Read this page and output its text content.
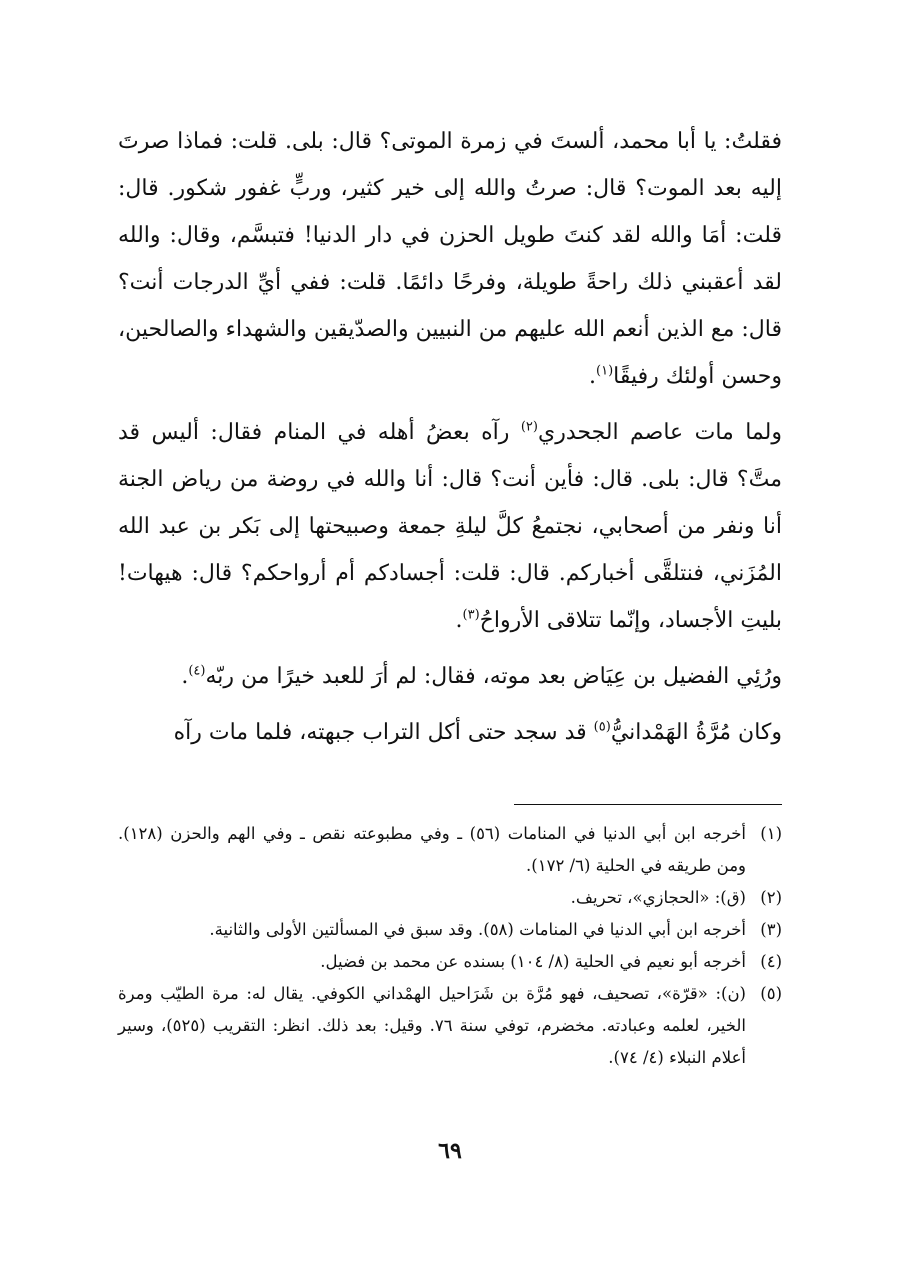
فقلتُ: يا أبا محمد، ألستَ في زمرة الموتى؟ قال: بلى. قلت: فماذا صرتَ إليه بعد الموت؟ قال: صرتُ والله إلى خير كثير، وربٍّ غفور شكور. قال: قلت: أمَا والله لقد كنتَ طويل الحزن في دار الدنيا! فتبسَّم، وقال: والله لقد أعقبني ذلك راحةً طويلة، وفرحًا دائمًا. قلت: ففي أيِّ الدرجات أنت؟ قال: مع الذين أنعم الله عليهم من النبيين والصدّيقين والشهداء والصالحين، وحسن أولئك رفيقًا$^{(١)}$.

ولما مات عاصم الجحدري$^{(٢)}$ رآه بعضُ أهله في المنام فقال: أليس قد متَّ؟ قال: بلى. قال: فأين أنت؟ قال: أنا والله في روضة من رياض الجنة أنا ونفر من أصحابي، نجتمعُ كلَّ ليلةِ جمعة وصبيحتها إلى بَكر بن عبد الله المُزَني، فنتلقَّى أخباركم. قال: قلت: أجسادكم أم أرواحكم؟ قال: هيهات! بليتِ الأجساد، وإنّما تتلاقى الأرواحُ$^{(٣)}$.

ورُئِي الفضيل بن عِيَاض بعد موته، فقال: لم أرَ للعبد خيرًا من ربّه$^{(٤)}$.

وكان مُرَّةُ الهَمْدانيُّ$^{(٥)}$ قد سجد حتى أكل التراب جبهته، فلما مات رآه

(١)
أخرجه ابن أبي الدنيا في المنامات (٥٦) ـ وفي مطبوعته نقص ـ وفي الهم والحزن (١٢٨). ومن طريقه في الحلية (٦/ ١٧٢).
(٢)
(ق): «الحجازي»، تحريف.
(٣)
أخرجه ابن أبي الدنيا في المنامات (٥٨). وقد سبق في المسألتين الأولى والثانية.
(٤)
أخرجه أبو نعيم في الحلية (٨/ ١٠٤) بسنده عن محمد بن فضيل.
(٥)
(ن): «قرّة»، تصحيف، فهو مُرَّة بن شَرَاحيل الهمْداني الكوفي. يقال له: مرة الطيّب ومرة الخير، لعلمه وعبادته. مخضرم، توفي سنة ٧٦. وقيل: بعد ذلك. انظر: التقريب (٥٢٥)، وسير أعلام النبلاء (٤/ ٧٤).
٦٩
